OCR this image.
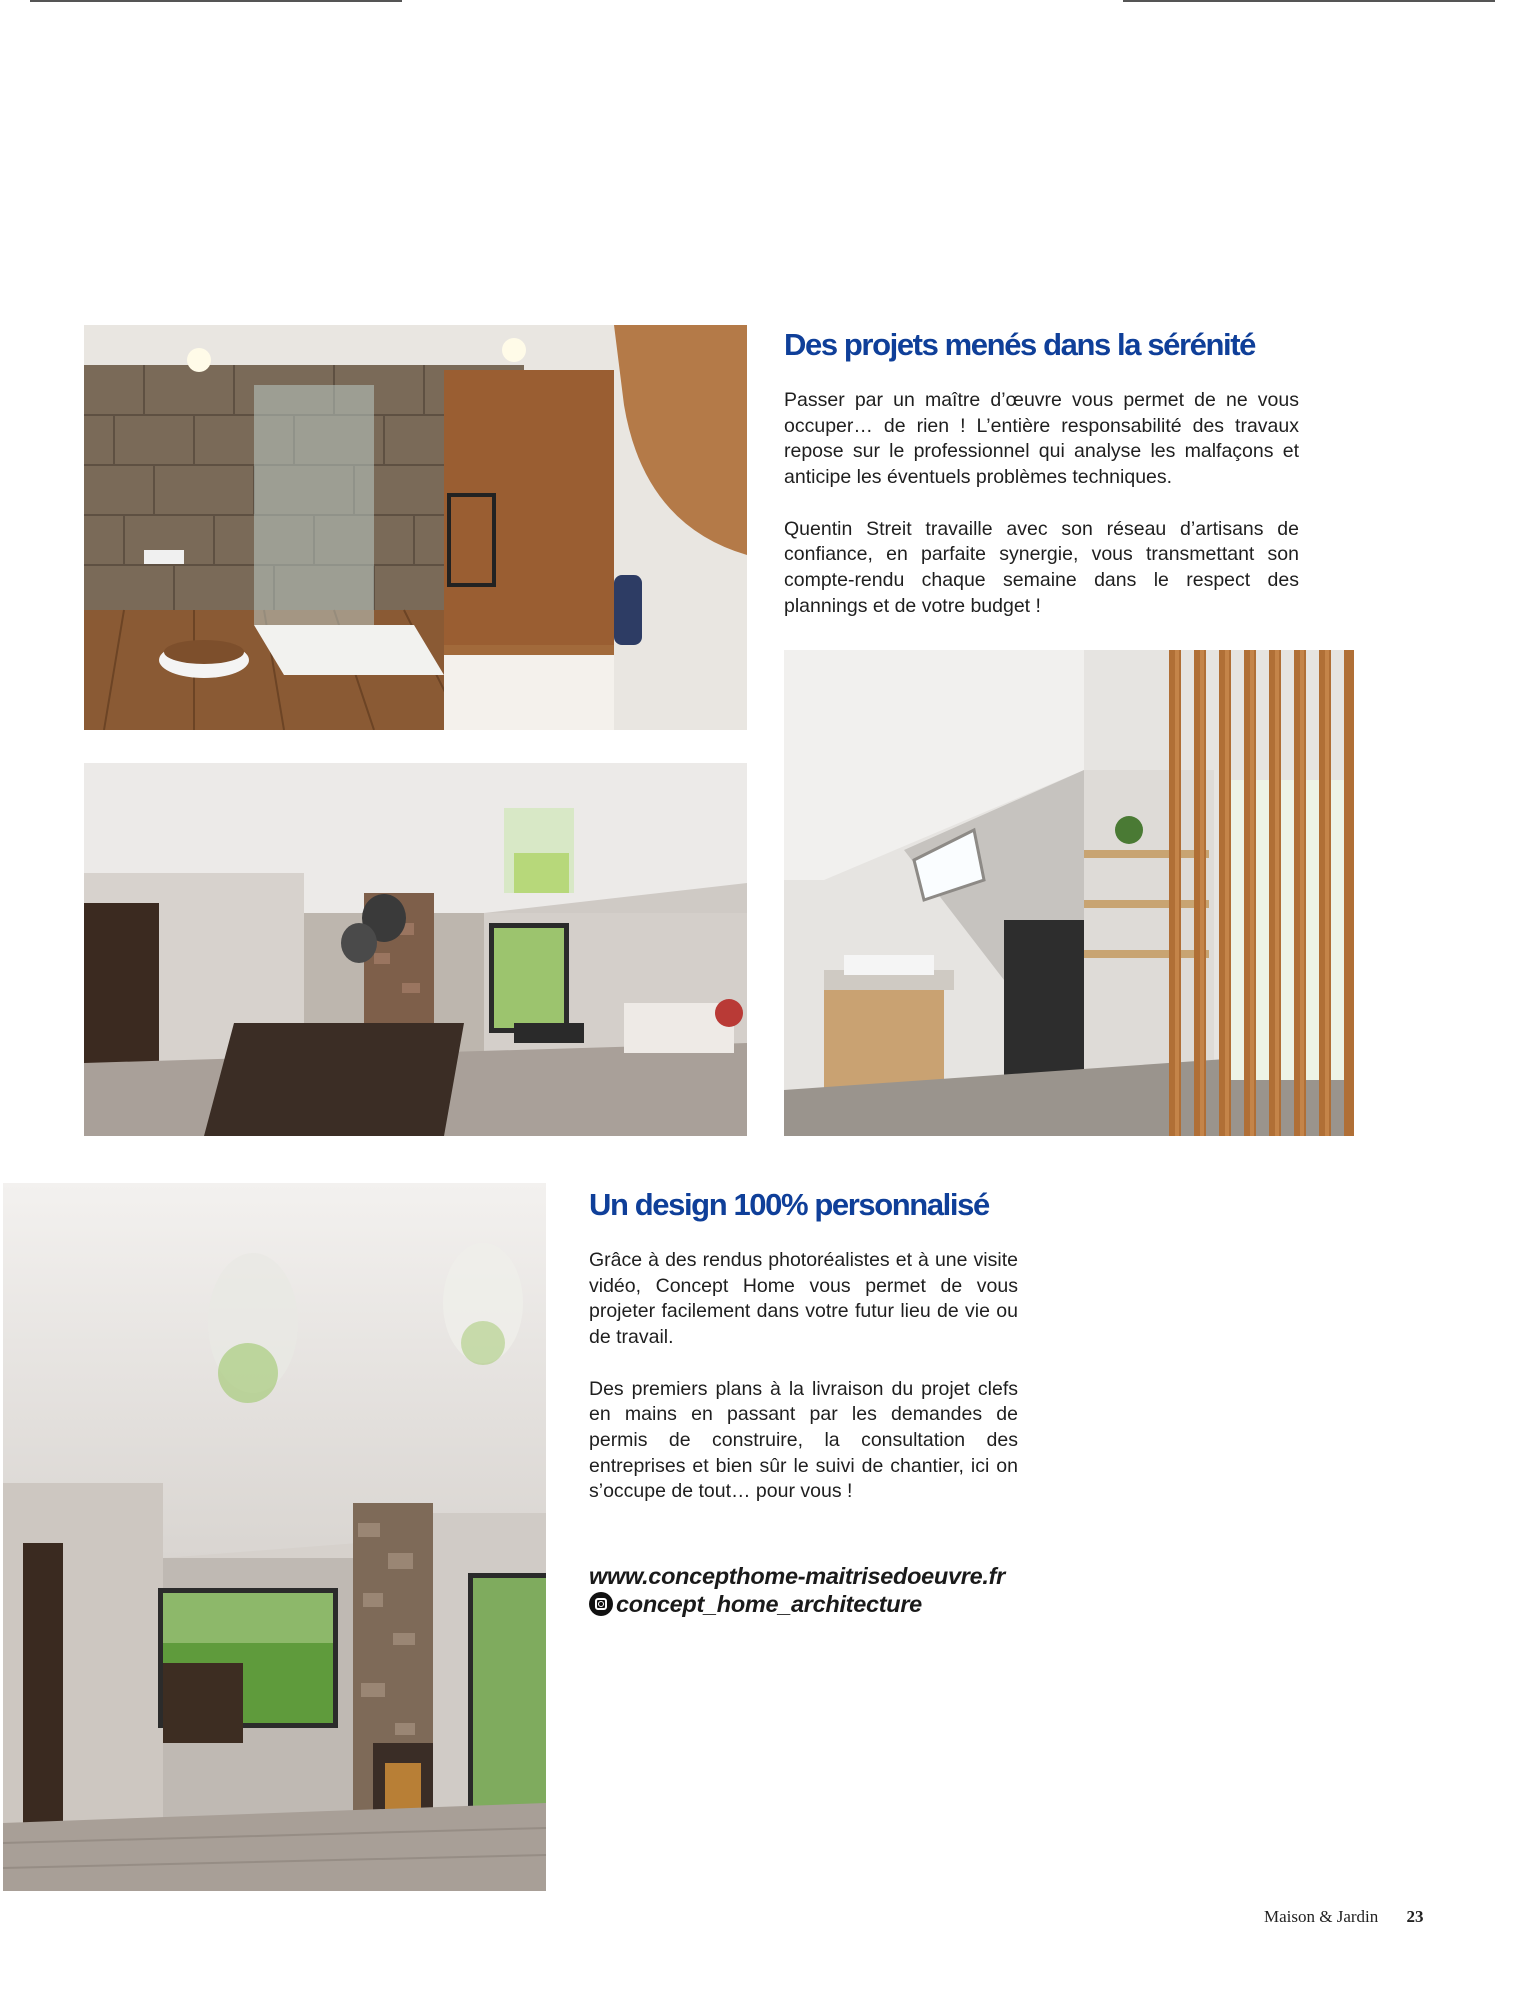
Des projets menés dans la sérénité

Passer par un maître d’œuvre vous permet de ne vous occuper… de rien ! L’entière responsabilité des travaux repose sur le professionnel qui analyse les malfaçons et anticipe les éventuels problèmes techniques.

Quentin Streit travaille avec son réseau d’artisans de confiance, en parfaite synergie, vous transmettant son compte-rendu chaque semaine dans le respect des plannings et de votre budget !

Un design 100% personnalisé

Grâce à des rendus photoréalistes et à une visite vidéo, Concept Home vous permet de vous projeter facilement dans votre futur lieu de vie ou de travail.

Des premiers plans à la livraison du projet clefs en mains en passant par les demandes de permis de construire, la consultation des entreprises et bien sûr le suivi de chantier, ici on s’occupe de tout… pour vous !

www.concepthome-maitrisedoeuvre.fr
concept_home_architecture
Maison & Jardin 23
